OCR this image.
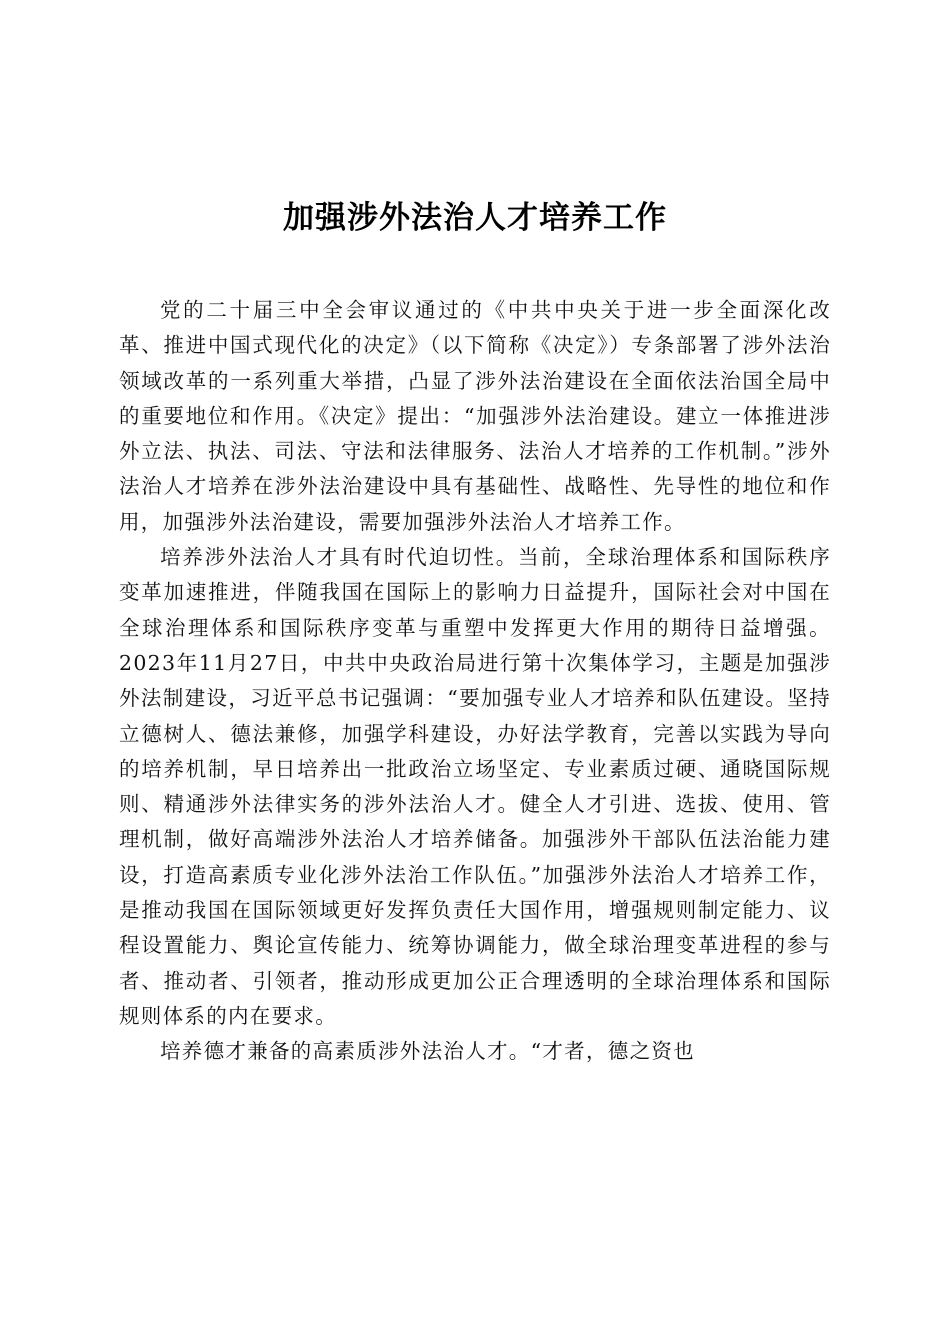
加强涉外法治人才培养工作

党的二十届三中全会审议通过的《中共中央关于进一步全面深化改革、推进中国式现代化的决定》（以下简称《决定》）专条部署了涉外法治领域改革的一系列重大举措，凸显了涉外法治建设在全面依法治国全局中的重要地位和作用。《决定》提出：“加强涉外法治建设。建立一体推进涉外立法、执法、司法、守法和法律服务、法治人才培养的工作机制。”涉外法治人才培养在涉外法治建设中具有基础性、战略性、先导性的地位和作用，加强涉外法治建设，需要加强涉外法治人才培养工作。

培养涉外法治人才具有时代迫切性。当前，全球治理体系和国际秩序变革加速推进，伴随我国在国际上的影响力日益提升，国际社会对中国在全球治理体系和国际秩序变革与重塑中发挥更大作用的期待日益增强。2023年11月27日，中共中央政治局进行第十次集体学习，主题是加强涉外法制建设，习近平总书记强调：“要加强专业人才培养和队伍建设。坚持立德树人、德法兼修，加强学科建设，办好法学教育，完善以实践为导向的培养机制，早日培养出一批政治立场坚定、专业素质过硬、通晓国际规则、精通涉外法律实务的涉外法治人才。健全人才引进、选拔、使用、管理机制，做好高端涉外法治人才培养储备。加强涉外干部队伍法治能力建设，打造高素质专业化涉外法治工作队伍。”加强涉外法治人才培养工作，是推动我国在国际领域更好发挥负责任大国作用，增强规则制定能力、议程设置能力、舆论宣传能力、统筹协调能力，做全球治理变革进程的参与者、推动者、引领者，推动形成更加公正合理透明的全球治理体系和国际规则体系的内在要求。

培养德才兼备的高素质涉外法治人才。“才者，德之资也
